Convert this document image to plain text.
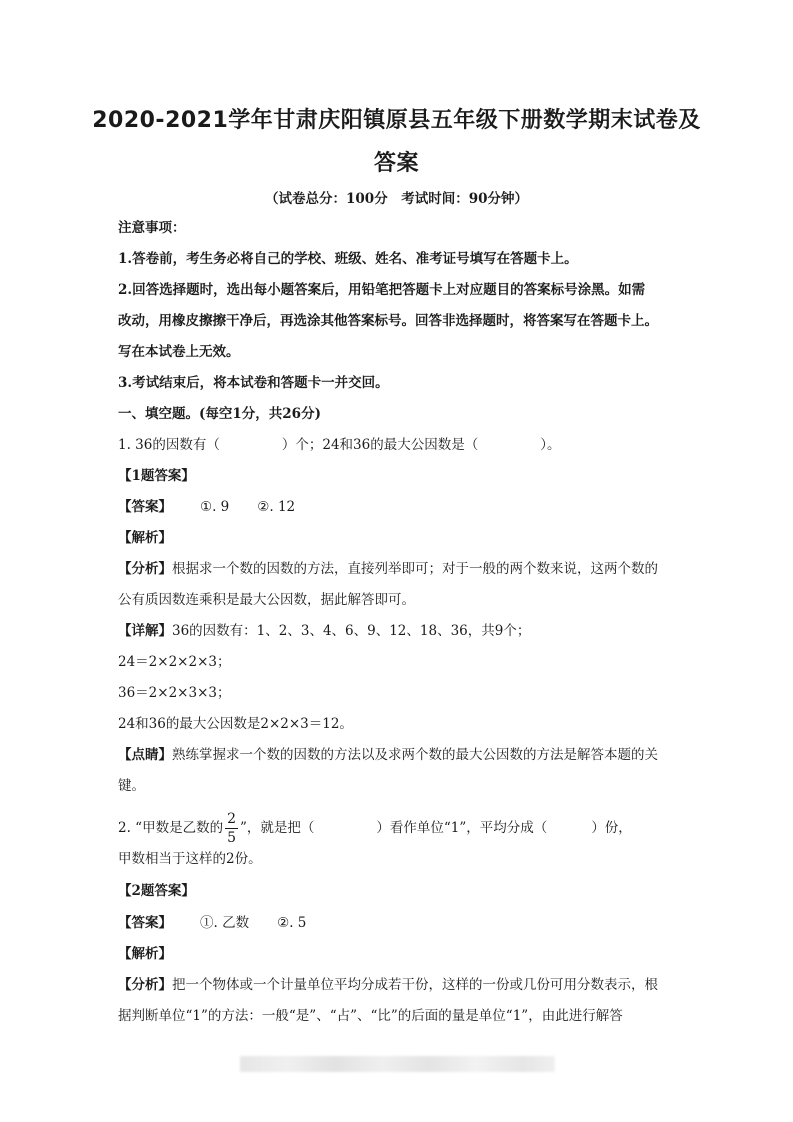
2020-2021学年甘肃庆阳镇原县五年级下册数学期末试卷及
答案
（试卷总分：100分　考试时间：90分钟）
注意事项：
1.答卷前，考生务必将自己的学校、班级、姓名、准考证号填写在答题卡上。
2.回答选择题时，选出每小题答案后，用铅笔把答题卡上对应题目的答案标号涂黑。如需
改动，用橡皮擦擦干净后，再选涂其他答案标号。回答非选择题时，将答案写在答题卡上。
写在本试卷上无效。
3.考试结束后，将本试卷和答题卡一并交回。
一、填空题。(每空1分，共26分)
1. 36的因数有（	）个；24和36的最大公因数是（	）。
【1题答案】
【答案】 ①. 9 ②. 12
【解析】
【分析】根据求一个数的因数的方法，直接列举即可；对于一般的两个数来说，这两个数的
公有质因数连乘积是最大公因数，据此解答即可。
【详解】36的因数有：1、2、3、4、6、9、12、18、36，共9个；
24＝2×2×2×3；
36＝2×2×3×3；
24和36的最大公因数是2×2×3＝12。
【点睛】熟练掌握求一个数的因数的方法以及求两个数的最大公因数的方法是解答本题的关
键。
2. “甲数是乙数的 $\frac{2}{5}$ ”，就是把（	）看作单位“1”，平均分成（	）份，
甲数相当于这样的2份。
【2题答案】
【答案】 ①. 乙数 ②. 5
【解析】
【分析】把一个物体或一个计量单位平均分成若干份，这样的一份或几份可用分数表示，根
据判断单位“1”的方法：一般“是”、“占”、“比”的后面的量是单位“1”，由此进行解答
